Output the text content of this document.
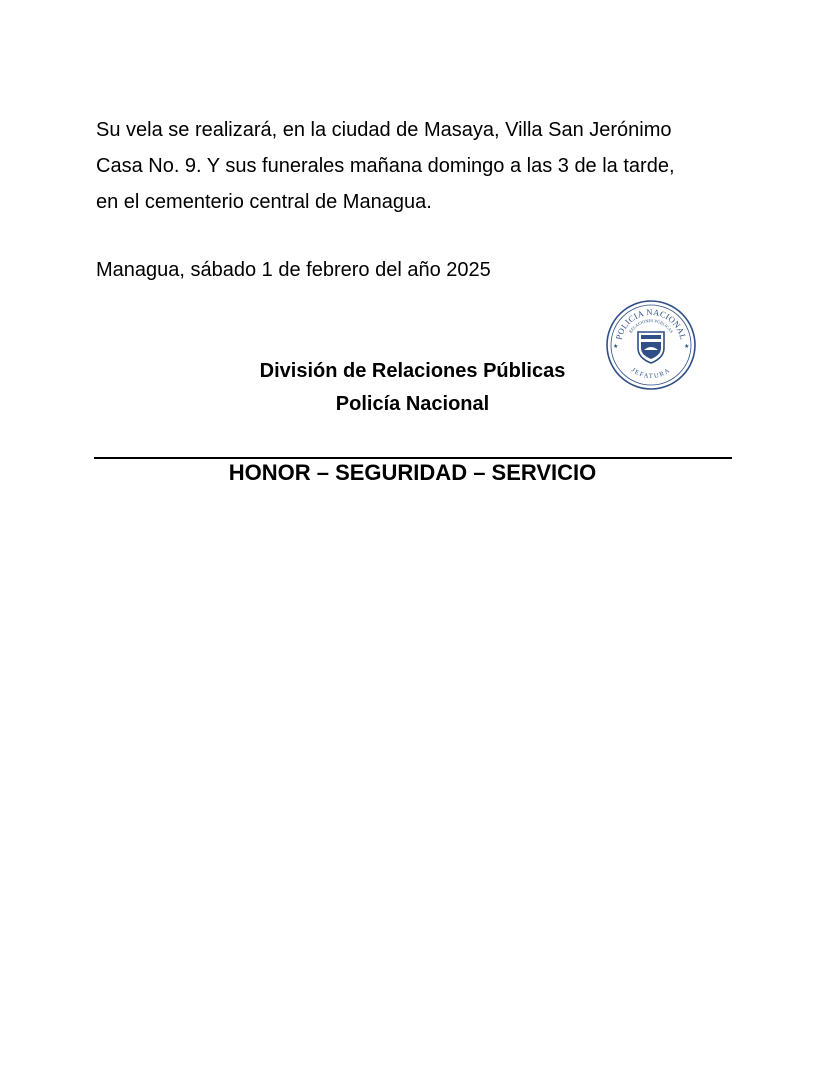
Su vela se realizará, en la ciudad de Masaya, Villa San Jerónimo
Casa No. 9. Y sus funerales mañana domingo a las 3 de la tarde,
en el cementerio central de Managua.
Managua, sábado 1 de febrero del año 2025
POLICIA NACIONAL
RELACIONES PÚBLICAS
JEFATURA
★	★
División de Relaciones Públicas
Policía Nacional
HONOR – SEGURIDAD – SERVICIO
